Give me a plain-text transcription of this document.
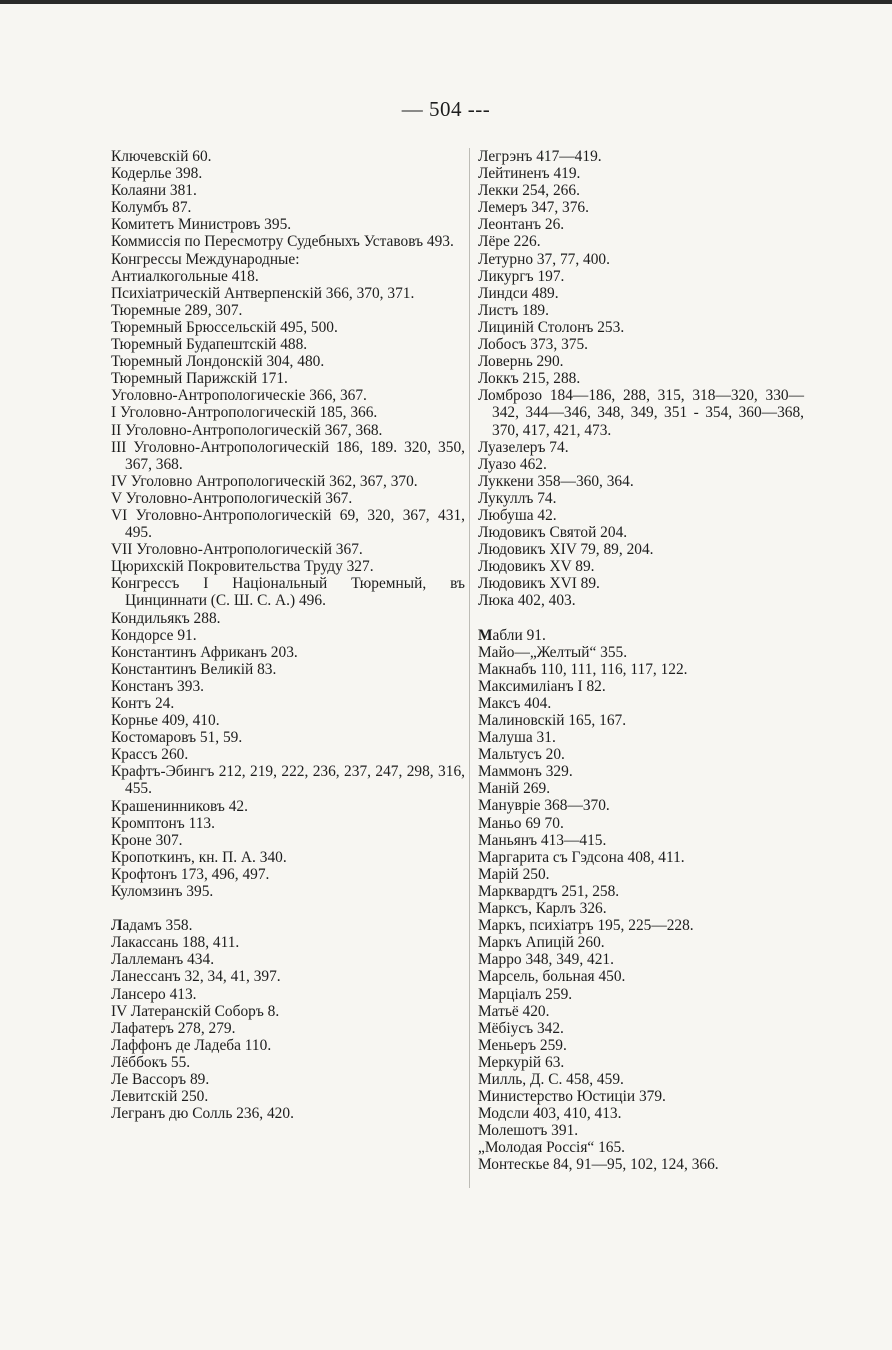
— 504 ---
Ключевскій 60.
Кодерлье 398.
Колаяни 381.
Колумбъ 87.
Комитетъ Министровъ 395.
Коммиссія по Пересмотру Судебныхъ Уставовъ 493.
Конгрессы Международные:
Антиалкогольные 418.
Психіатрическій Антверпенскій 366, 370, 371.
Тюремные 289, 307.
Тюремный Брюссельскій 495, 500.
Тюремный Будапештскій 488.
Тюремный Лондонскій 304, 480.
Тюремный Парижскій 171.
Уголовно-Антропологическіе 366, 367.
I Уголовно-Антропологическій 185, 366.
II Уголовно-Антропологическій 367, 368.
III Уголовно-Антропологическій 186, 189. 320, 350, 367, 368.
IV Уголовно Антропологическій 362, 367, 370.
V Уголовно-Антропологическій 367.
VI Уголовно-Антропологическій 69, 320, 367, 431, 495.
VII Уголовно-Антропологическій 367.
Цюрихскій Покровительства Труду 327.
Конгрессъ I Національный Тюремный, въ Цинциннати (С. Ш. С. А.) 496.
Кондильякъ 288.
Кондорсе 91.
Константинъ Африканъ 203.
Константинъ Великій 83.
Констанъ 393.
Контъ 24.
Корнье 409, 410.
Костомаровъ 51, 59.
Крассъ 260.
Крафтъ-Эбингъ 212, 219, 222, 236, 237, 247, 298, 316, 455.
Крашенинниковъ 42.
Кромптонъ 113.
Кроне 307.
Кропоткинъ, кн. П. А. 340.
Крофтонъ 173, 496, 497.
Куломзинъ 395.
Ладамъ 358.
Лакассань 188, 411.
Лаллеманъ 434.
Ланессанъ 32, 34, 41, 397.
Лансеро 413.
IV Латеранскій Соборъ 8.
Лафатеръ 278, 279.
Лаффонъ де Ладеба 110.
Лёббокъ 55.
Ле Вассоръ 89.
Левитскій 250.
Легранъ дю Солль 236, 420.
Легрэнъ 417—419.
Лейтиненъ 419.
Лекки 254, 266.
Лемеръ 347, 376.
Леонтанъ 26.
Лёре 226.
Летурно 37, 77, 400.
Ликургъ 197.
Линдси 489.
Листъ 189.
Лициній Столонъ 253.
Лобосъ 373, 375.
Ловернь 290.
Локкъ 215, 288.
Ломброзо 184—186, 288, 315, 318—320, 330—342, 344—346, 348, 349, 351 - 354, 360—368, 370, 417, 421, 473.
Луазелеръ 74.
Луазо 462.
Луккени 358—360, 364.
Лукуллъ 74.
Любуша 42.
Людовикъ Святой 204.
Людовикъ XIV 79, 89, 204.
Людовикъ XV 89.
Людовикъ XVI 89.
Люка 402, 403.
Мабли 91.
Майо—„Желтый“ 355.
Макнабъ 110, 111, 116, 117, 122.
Максимиліанъ I 82.
Максъ 404.
Малиновскій 165, 167.
Малуша 31.
Мальтусъ 20.
Маммонъ 329.
Маній 269.
Манувріе 368—370.
Маньо 69 70.
Маньянъ 413—415.
Маргарита съ Гэдсона 408, 411.
Марій 250.
Марквардтъ 251, 258.
Марксъ, Карлъ 326.
Маркъ, психіатръ 195, 225—228.
Маркъ Апицій 260.
Марро 348, 349, 421.
Марсель, больная 450.
Марціалъ 259.
Матьё 420.
Мёбіусъ 342.
Меньеръ 259.
Меркурій 63.
Милль, Д. С. 458, 459.
Министерство Юстиціи 379.
Модсли 403, 410, 413.
Молешотъ 391.
„Молодая Россія“ 165.
Монтескье 84, 91—95, 102, 124, 366.
